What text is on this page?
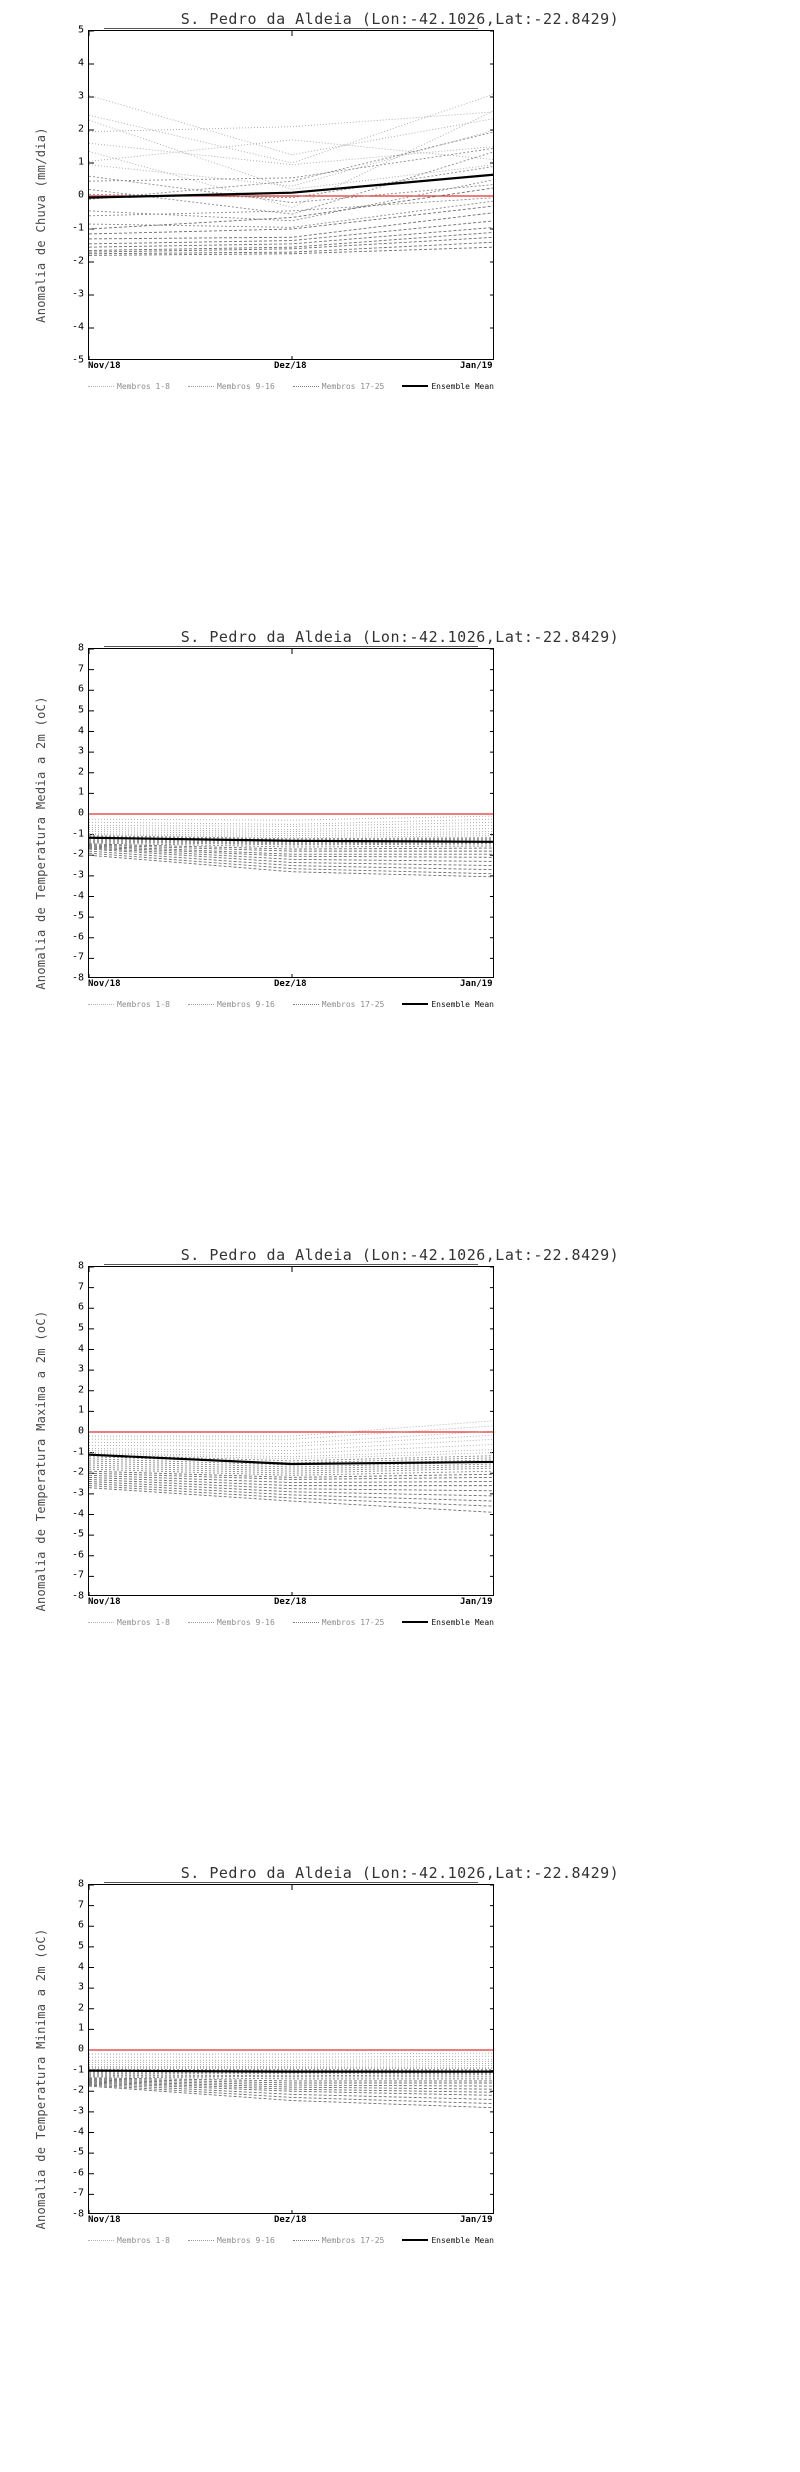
S. Pedro da Aldeia (Lon:-42.1026,Lat:-22.8429)
Anomalia de Chuva (mm/dia)
-5
-4
-3
-2
-1
0
1
2
3
4
5
Nov/18	Dez/18	Jan/19
Membros 1-8	Membros 9-16	Membros 17-25	Ensemble Mean
S. Pedro da Aldeia (Lon:-42.1026,Lat:-22.8429)
Anomalia de Temperatura Media a 2m (oC)	-8
-7
-6
-5
-4
-3
-2
-1
0
1
2
3
4
5
6
7
8
Nov/18	Dez/18	Jan/19
Membros 1-8	Membros 9-16	Membros 17-25	Ensemble Mean
S. Pedro da Aldeia (Lon:-42.1026,Lat:-22.8429)
Anomalia de Temperatura Maxima a 2m (oC)	-8
-7
-6
-5
-4
-3
-2
-1
0
1
2
3
4
5
6
7
8
Nov/18	Dez/18	Jan/19
Membros 1-8	Membros 9-16	Membros 17-25	Ensemble Mean
S. Pedro da Aldeia (Lon:-42.1026,Lat:-22.8429)
Anomalia de Temperatura Minima a 2m (oC)	-8
-7
-6
-5
-4
-3
-2
-1
0
1
2
3
4
5
6
7
8
Nov/18	Dez/18	Jan/19
Membros 1-8	Membros 9-16	Membros 17-25	Ensemble Mean
